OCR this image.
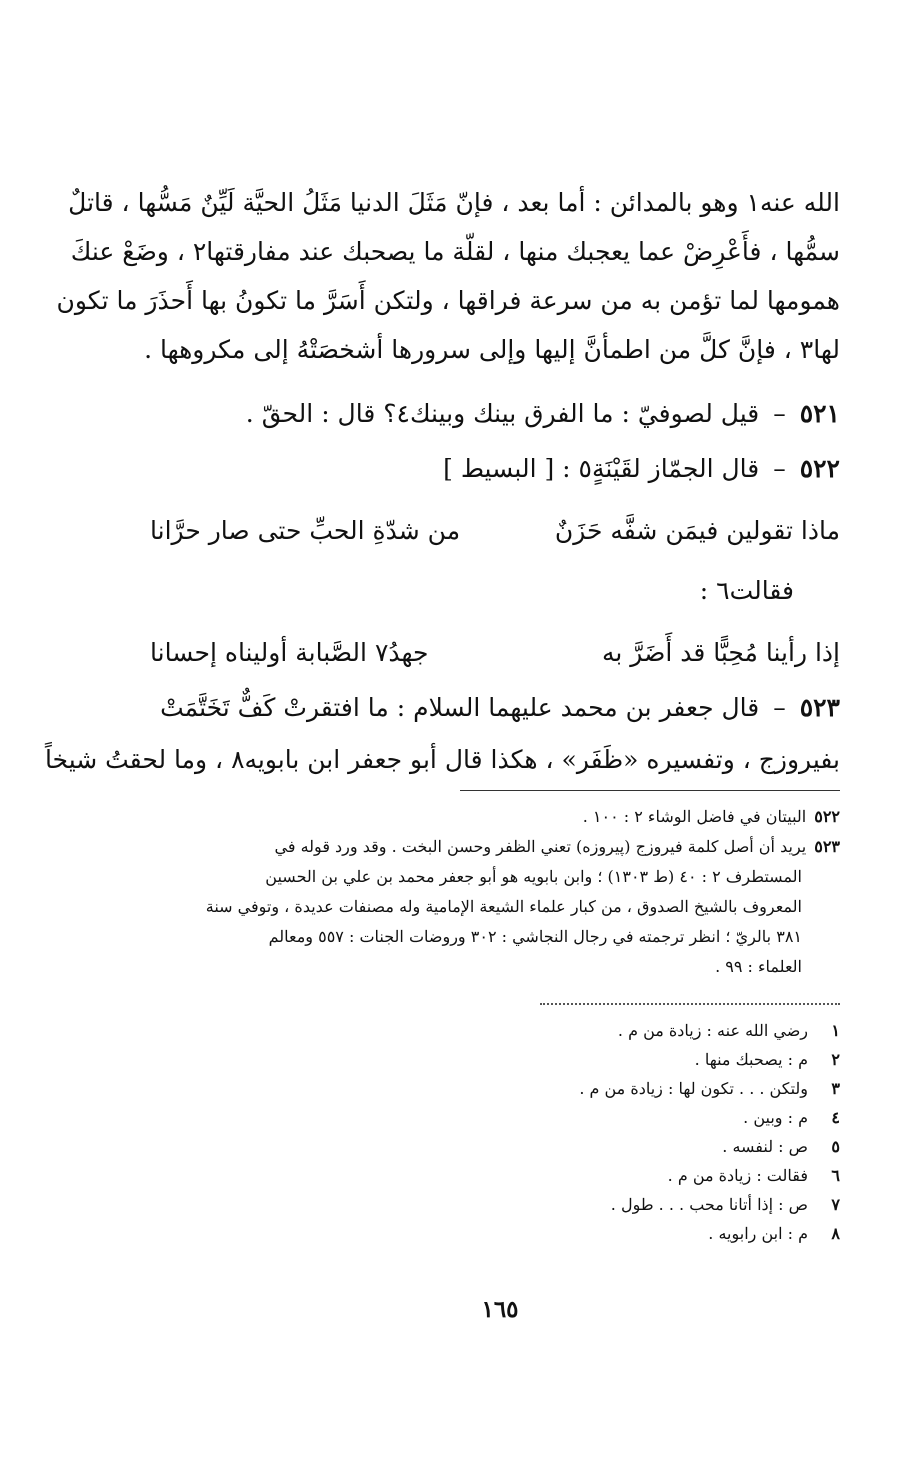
الله عنه١ وهو بالمدائن : أما بعد ، فإنّ مَثَلَ الدنيا مَثَلُ الحيَّة لَيِّنٌ مَسُّها ، قاتلٌ
سمُّها ، فأَعْرِضْ عما يعجبك منها ، لقلّة ما يصحبك عند مفارقتها٢ ، وضَعْ عنكَ
همومها لما تؤمن به من سرعة فراقها ، ولتكن أَسَرَّ ما تكونُ بها أَحذَرَ ما تكون
لها٣ ، فإنَّ كلَّ من اطمأنَّ إليها وإلى سرورها أشخصَتْهُ إلى مكروهها .
٥٢١–قيل لصوفيّ : ما الفرق بينك وبينك٤؟ قال : الحقّ .
٥٢٢–قال الجمّاز لقَيْنَةٍ٥ : [ البسيط ]
ماذا تقولين فيمَن شفَّه حَزَنٌ
من شدّةِ الحبِّ حتى صار حرَّانا
فقالت٦ :
إذا رأينا مُحِبًّا قد أَضَرَّ به
جهدُ٧ الصَّبابة أولیناه إحسانا
٥٢٣–قال جعفر بن محمد عليهما السلام : ما افتقرتْ كَفٌّ تَخَتَّمَتْ
بفيروزج ، وتفسيره «ظَفَر» ، هكذا قال أبو جعفر ابن بابويه٨ ، وما لحقتُ شيخاً
٥٢٢البيتان في فاضل الوشاء ٢ : ١٠٠ .
٥٢٣يريد أن أصل كلمة فيروزج (پيروزه) تعني الظفر وحسن البخت . وقد ورد قوله في
المستطرف ٢ : ٤٠ (ط ١٣٠٣) ؛ وابن بابويه هو أبو جعفر محمد بن علي بن الحسين
المعروف بالشيخ الصدوق ، من كبار علماء الشيعة الإمامية وله مصنفات عديدة ، وتوفي سنة
٣٨١ بالريّ ؛ انظر ترجمته في رجال النجاشي : ٣٠٢ وروضات الجنات : ٥٥٧ ومعالم
العلماء : ٩٩ .
١رضي الله عنه : زيادة من م .
٢م : يصحبك منها .
٣ولتكن . . . تكون لها : زيادة من م .
٤م : وبين .
٥ص : لنفسه .
٦فقالت : زيادة من م .
٧ص : إذا أتانا محب . . . طول .
٨م : ابن رابويه .
١٦٥
